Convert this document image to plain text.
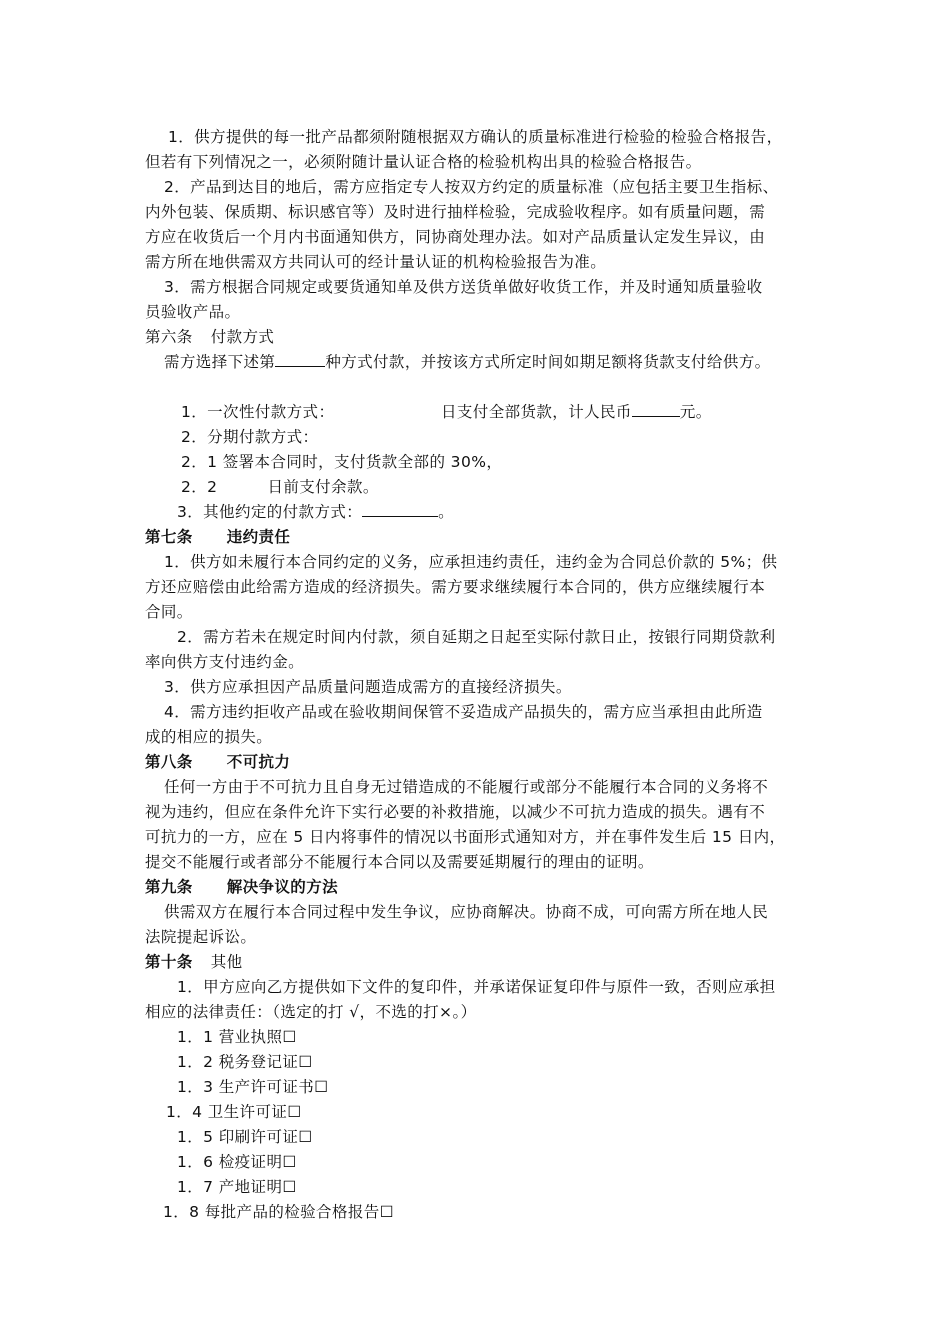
1．供方提供的每一批产品都须附随根据双方确认的质量标准进行检验的检验合格报告，
但若有下列情况之一，必须附随计量认证合格的检验机构出具的检验合格报告。
2．产品到达目的地后，需方应指定专人按双方约定的质量标准（应包括主要卫生指标、
内外包装、保质期、标识感官等）及时进行抽样检验，完成验收程序。如有质量问题，需
方应在收货后一个月内书面通知供方，同协商处理办法。如对产品质量认定发生异议，由
需方所在地供需双方共同认可的经计量认证的机构检验报告为准。
3．需方根据合同规定或要货通知单及供方送货单做好收货工作，并及时通知质量验收
员验收产品。
第六条 付款方式
需方选择下述第	种方式付款，并按该方式所定时间如期足额将货款支付给供方。
1．一次性付款方式：	日支付全部货款，计人民币	元。
2．分期付款方式：
2．1 签署本合同时，支付货款全部的 30%，
2．2	日前支付余款。
3．其他约定的付款方式：	。
第七条 违约责任
1．供方如未履行本合同约定的义务，应承担违约责任，违约金为合同总价款的 5%；供
方还应赔偿由此给需方造成的经济损失。需方要求继续履行本合同的，供方应继续履行本
合同。
2．需方若未在规定时间内付款，须自延期之日起至实际付款日止，按银行同期贷款利
率向供方支付违约金。
3．供方应承担因产品质量问题造成需方的直接经济损失。
4．需方违约拒收产品或在验收期间保管不妥造成产品损失的，需方应当承担由此所造
成的相应的损失。
第八条 不可抗力
任何一方由于不可抗力且自身无过错造成的不能履行或部分不能履行本合同的义务将不
视为违约，但应在条件允许下实行必要的补救措施，以减少不可抗力造成的损失。遇有不
可抗力的一方，应在 5 日内将事件的情况以书面形式通知对方，并在事件发生后 15 日内，
提交不能履行或者部分不能履行本合同以及需要延期履行的理由的证明。
第九条 解决争议的方法
供需双方在履行本合同过程中发生争议，应协商解决。协商不成，可向需方所在地人民
法院提起诉讼。
第十条 其他
1．甲方应向乙方提供如下文件的复印件，并承诺保证复印件与原件一致，否则应承担
相应的法律责任：（选定的打 √，不选的打×。）
1．1 营业执照☐
1．2 税务登记证☐
1．3 生产许可证书☐
1．4 卫生许可证☐
1．5 印刷许可证☐
1．6 检疫证明☐
1．7 产地证明☐
1．8 每批产品的检验合格报告☐
